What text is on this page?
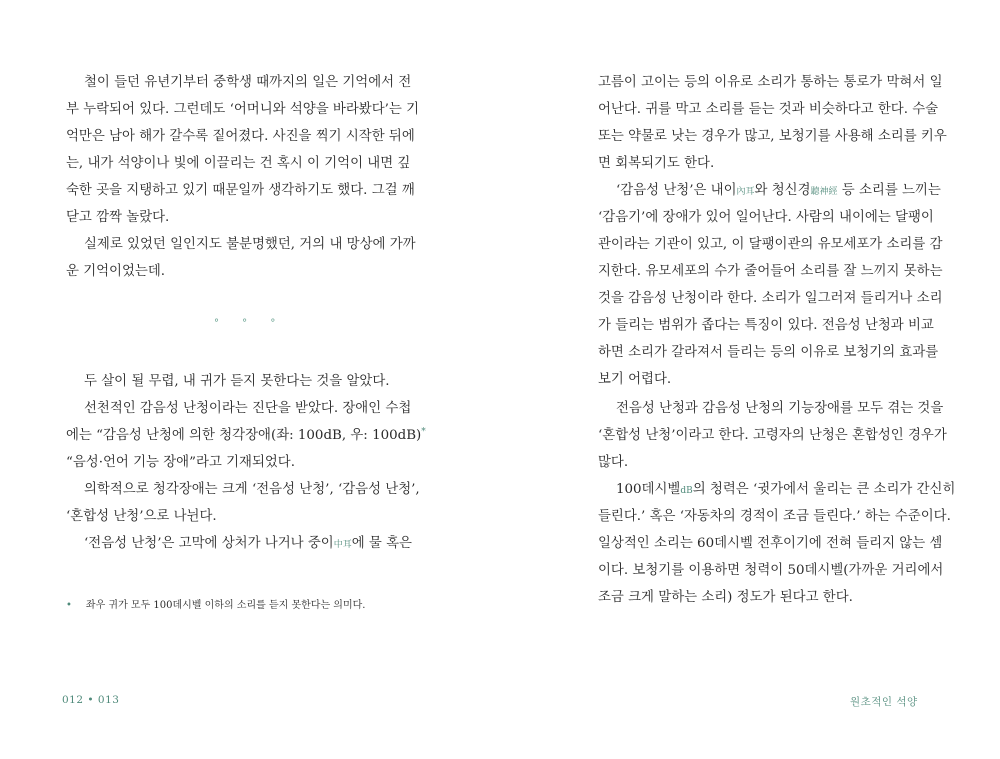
철이 들던 유년기부터 중학생 때까지의 일은 기억에서 전
부 누락되어 있다. 그런데도 ‘어머니와 석양을 바라봤다’는 기
억만은 남아 해가 갈수록 짙어졌다. 사진을 찍기 시작한 뒤에
는, 내가 석양이나 빛에 이끌리는 건 혹시 이 기억이 내면 깊
숙한 곳을 지탱하고 있기 때문일까 생각하기도 했다. 그걸 깨
닫고 깜짝 놀랐다.
실제로 있었던 일인지도 불분명했던, 거의 내 망상에 가까
운 기억이었는데.
° ° °
두 살이 될 무렵, 내 귀가 듣지 못한다는 것을 알았다.
선천적인 감음성 난청이라는 진단을 받았다. 장애인 수첩
에는 “감음성 난청에 의한 청각장애(좌: 100dB, 우: 100dB)*
“음성·언어 기능 장애”라고 기재되었다.
의학적으로 청각장애는 크게 ‘전음성 난청’, ‘감음성 난청’,
‘혼합성 난청’으로 나뉜다.
‘전음성 난청’은 고막에 상처가 나거나 중이中耳에 물 혹은
• 좌우 귀가 모두 100데시벨 이하의 소리를 듣지 못한다는 의미다.
012 • 013
고름이 고이는 등의 이유로 소리가 통하는 통로가 막혀서 일
어난다. 귀를 막고 소리를 듣는 것과 비슷하다고 한다. 수술
또는 약물로 낫는 경우가 많고, 보청기를 사용해 소리를 키우
면 회복되기도 한다.
‘감음성 난청’은 내이內耳와 청신경聽神經 등 소리를 느끼는
‘감음기’에 장애가 있어 일어난다. 사람의 내이에는 달팽이
관이라는 기관이 있고, 이 달팽이관의 유모세포가 소리를 감
지한다. 유모세포의 수가 줄어들어 소리를 잘 느끼지 못하는
것을 감음성 난청이라 한다. 소리가 일그러져 들리거나 소리
가 들리는 범위가 좁다는 특징이 있다. 전음성 난청과 비교
하면 소리가 갈라져서 들리는 등의 이유로 보청기의 효과를
보기 어렵다.
전음성 난청과 감음성 난청의 기능장애를 모두 겪는 것을
‘혼합성 난청’이라고 한다. 고령자의 난청은 혼합성인 경우가
많다.
100데시벨dB의 청력은 ‘귓가에서 울리는 큰 소리가 간신히
들린다.’ 혹은 ‘자동차의 경적이 조금 들린다.’ 하는 수준이다.
일상적인 소리는 60데시벨 전후이기에 전혀 들리지 않는 셈
이다. 보청기를 이용하면 청력이 50데시벨(가까운 거리에서
조금 크게 말하는 소리) 정도가 된다고 한다.
원초적인 석양
